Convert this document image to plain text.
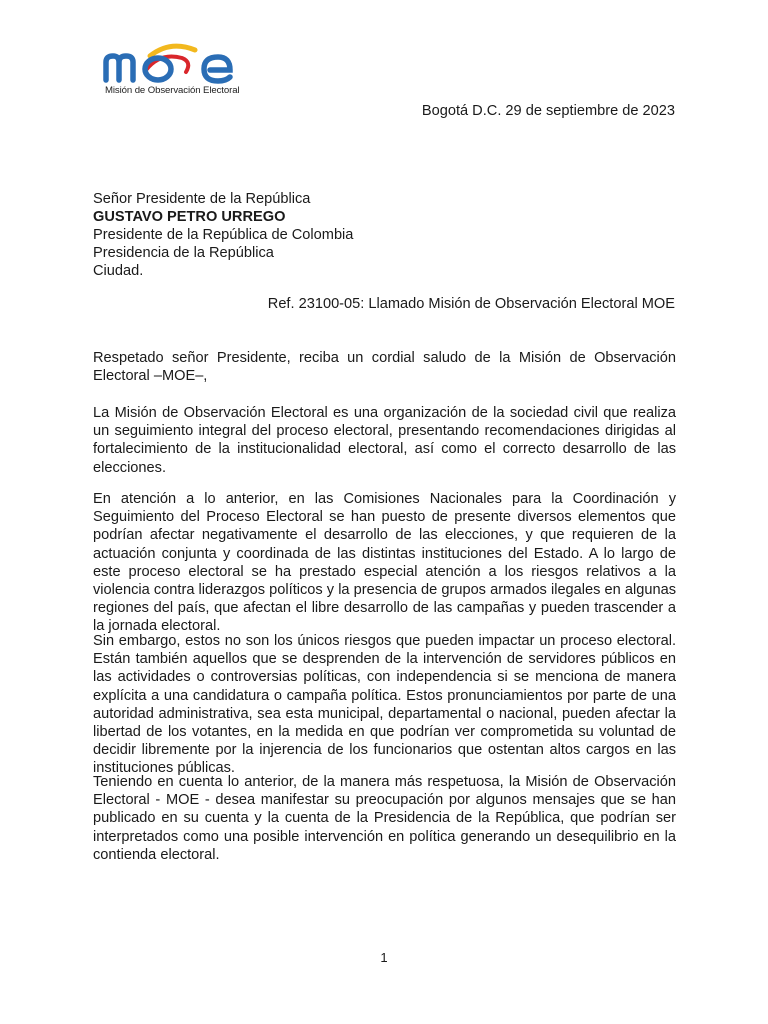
Misión de Observación Electoral
Bogotá D.C. 29 de septiembre de 2023
Señor Presidente de la República
GUSTAVO PETRO URREGO
Presidente de la República de Colombia
Presidencia de la República
Ciudad.
Ref. 23100-05: Llamado Misión de Observación Electoral MOE
Respetado señor Presidente, reciba un cordial saludo de la Misión de Observación Electoral –MOE–,
La Misión de Observación Electoral es una organización de la sociedad civil que realiza un seguimiento integral del proceso electoral, presentando recomendaciones dirigidas al fortalecimiento de la institucionalidad electoral, así como el correcto desarrollo de las elecciones.
En atención a lo anterior, en las Comisiones Nacionales para la Coordinación y Seguimiento del Proceso Electoral se han puesto de presente diversos elementos que podrían afectar negativamente el desarrollo de las elecciones, y que requieren de la actuación conjunta y coordinada de las distintas instituciones del Estado. A lo largo de este proceso electoral se ha prestado especial atención a los riesgos relativos a la violencia contra liderazgos políticos y la presencia de grupos armados ilegales en algunas regiones del país, que afectan el libre desarrollo de las campañas y pueden trascender a la jornada electoral.
Sin embargo, estos no son los únicos riesgos que pueden impactar un proceso electoral. Están también aquellos que se desprenden de la intervención de servidores públicos en las actividades o controversias políticas, con independencia si se menciona de manera explícita a una candidatura o campaña política. Estos pronunciamientos por parte de una autoridad administrativa, sea esta municipal, departamental o nacional, pueden afectar la libertad de los votantes, en la medida en que podrían ver comprometida su voluntad de decidir libremente por la injerencia de los funcionarios que ostentan altos cargos en las instituciones públicas.
Teniendo en cuenta lo anterior, de la manera más respetuosa, la Misión de Observación Electoral - MOE - desea manifestar su preocupación por algunos mensajes que se han publicado en su cuenta y la cuenta de la Presidencia de la República, que podrían ser interpretados como una posible intervención en política generando un desequilibrio en la contienda electoral.
1
